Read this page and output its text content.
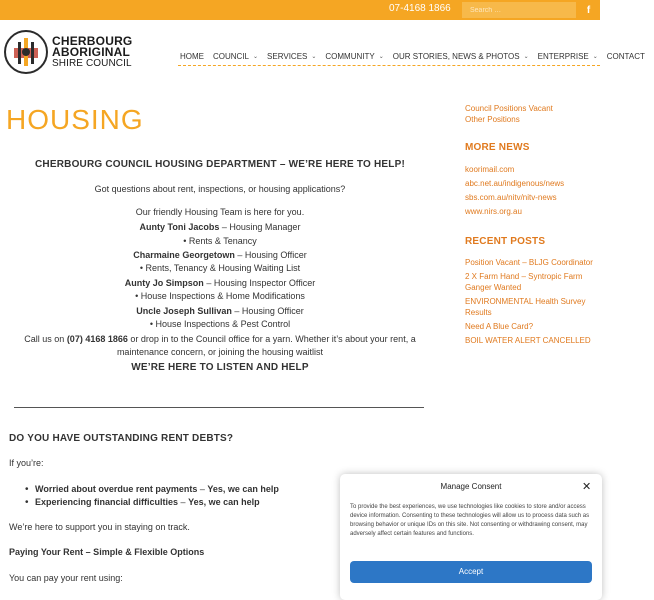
07-4168 1866
Search …	f
CHERBOURG
ABORIGINAL
SHIRE COUNCIL
HOME COUNCIL ⌄ SERVICES ⌄ COMMUNITY ⌄ OUR STORIES, NEWS & PHOTOS ⌄ ENTERPRISE ⌄ CONTACT
HOUSING
CHERBOURG COUNCIL HOUSING DEPARTMENT – WE’RE HERE TO HELP!
Got questions about rent, inspections, or housing applications?
Our friendly Housing Team is here for you.
Aunty Toni Jacobs – Housing Manager
• Rents & Tenancy
Charmaine Georgetown – Housing Officer
• Rents, Tenancy & Housing Waiting List
Aunty Jo Simpson – Housing Inspector Officer
• House Inspections & Home Modifications
Uncle Joseph Sullivan – Housing Officer
• House Inspections & Pest Control
Call us on (07) 4168 1866 or drop in to the Council office for a yarn. Whether it’s about your rent, a
maintenance concern, or joining the housing waitlist
WE’RE HERE TO LISTEN AND HELP
DO YOU HAVE OUTSTANDING RENT DEBTS?
If you’re:
• Worried about overdue rent payments – Yes, we can help
• Experiencing financial difficulties – Yes, we can help
We’re here to support you in staying on track.
Paying Your Rent – Simple & Flexible Options
You can pay your rent using:
Council Positions Vacant
Other Positions
MORE NEWS
koorimail.com
abc.net.au/indigenous/news
sbs.com.au/nitv/nitv-news
www.nirs.org.au
RECENT POSTS
Position Vacant – BLJG Coordinator
2 X Farm Hand – Syntropic Farm
Ganger Wanted
ENVIRONMENTAL Health Survey
Results
Need A Blue Card?
BOIL WATER ALERT CANCELLED
Manage Consent	✕
To provide the best experiences, we use technologies like cookies to store and/or access device information. Consenting to these technologies will allow us to process data such as browsing behavior or unique IDs on this site. Not consenting or withdrawing consent, may adversely affect certain features and functions.
Accept
